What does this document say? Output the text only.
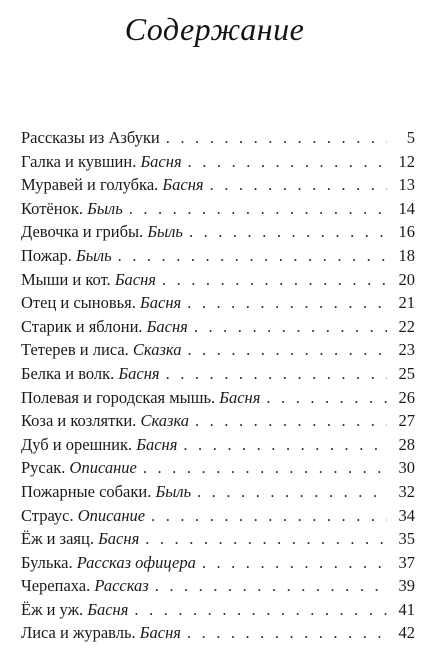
Содержание
Рассказы из Азбуки . . .	5
Галка и кувшин. Басня . . .	12
Муравей и голубка. Басня . . .	13
Котёнок. Быль . . .	14
Девочка и грибы. Быль . . .	16
Пожар. Быль . . .	18
Мыши и кот. Басня . . .	20
Отец и сыновья. Басня . . .	21
Старик и яблони. Басня . . .	22
Тетерев и лиса. Сказка . . .	23
Белка и волк. Басня . . .	25
Полевая и городская мышь. Басня . . .	26
Коза и козлятки. Сказка . . .	27
Дуб и орешник. Басня . . .	28
Русак. Описание . . .	30
Пожарные собаки. Быль . . .	32
Страус. Описание . . .	34
Ёж и заяц. Басня . . .	35
Булька. Рассказ офицера . . .	37
Черепаха. Рассказ . . .	39
Ёж и уж. Басня . . .	41
Лиса и журавль. Басня . . .	42
